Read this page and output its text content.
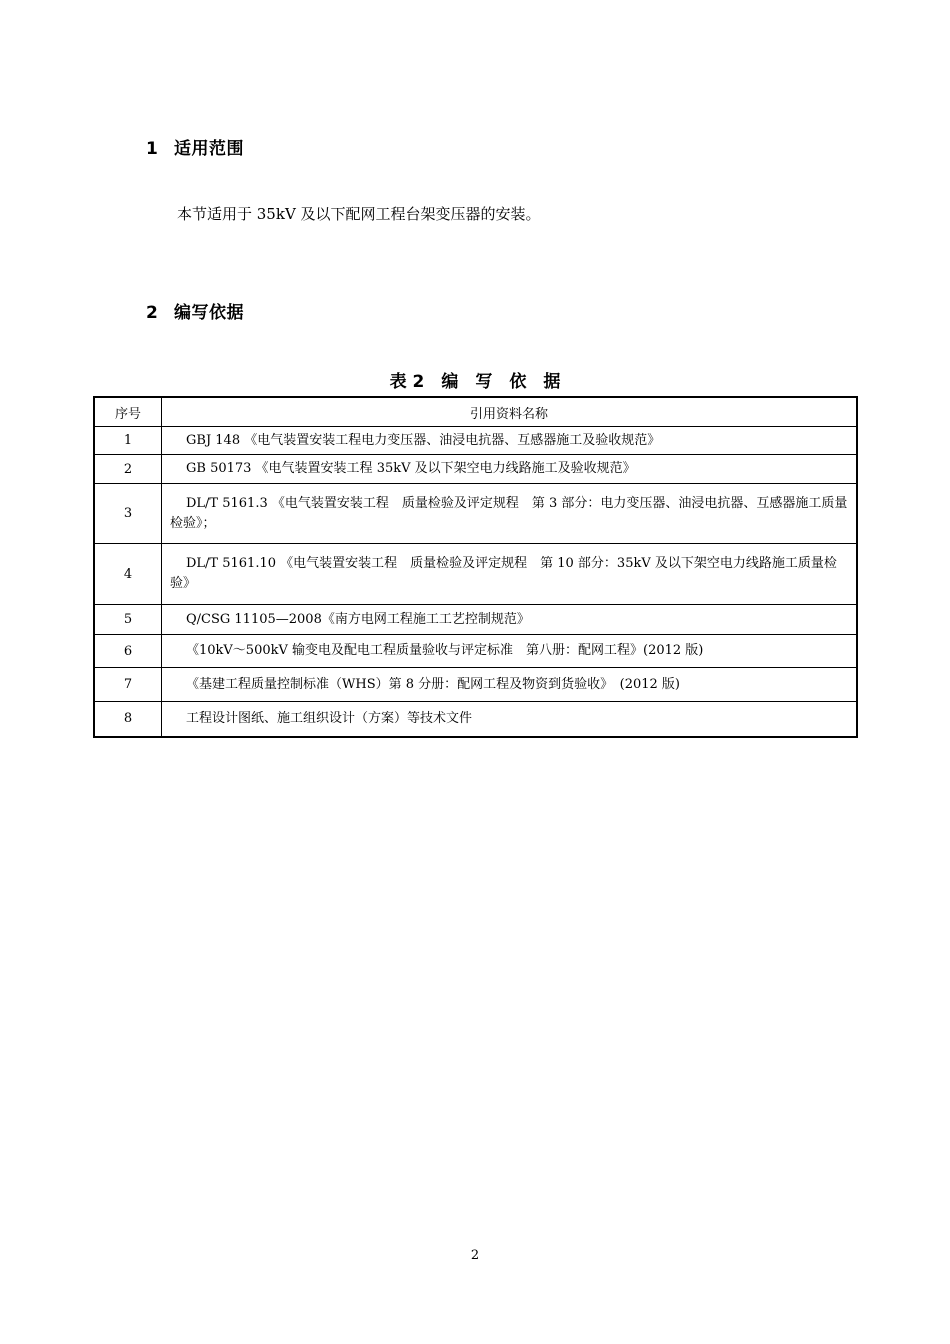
1 适用范围
本节适用于 35kV 及以下配网工程台架变压器的安装。
2 编写依据
表 2　编　写　依　据
序号	引用资料名称
1	GBJ 148 《电气装置安装工程电力变压器、油浸电抗器、互感器施工及验收规范》
2	GB 50173 《电气装置安装工程 35kV 及以下架空电力线路施工及验收规范》
3	DL/T 5161.3 《电气装置安装工程　质量检验及评定规程　第 3 部分：电力变压器、油浸电抗器、互感器施工质量检验》；
4	DL/T 5161.10 《电气装置安装工程　质量检验及评定规程　第 10 部分：35kV 及以下架空电力线路施工质量检验》
5	Q/CSG 11105—2008《南方电网工程施工工艺控制规范》
6	《10kV～500kV 输变电及配电工程质量验收与评定标准　第八册：配网工程》(2012 版)
7	《基建工程质量控制标准（WHS）第 8 分册：配网工程及物资到货验收》　(2012 版)
8	工程设计图纸、施工组织设计（方案）等技术文件
2
